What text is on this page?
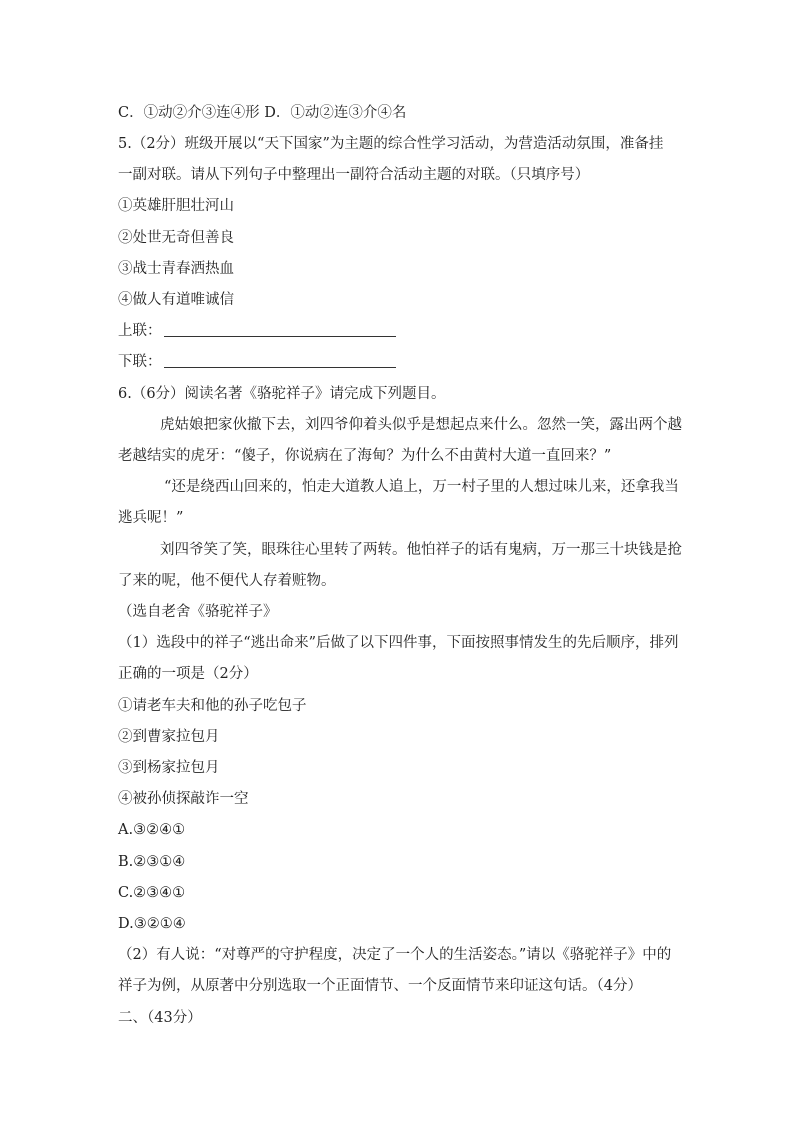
C．①动②介③连④形 D．①动②连③介④名
5.（2分）班级开展以“天下国家”为主题的综合性学习活动，为营造活动氛围，准备挂
一副对联。请从下列句子中整理出一副符合活动主题的对联。（只填序号）
①英雄肝胆壮河山
②处世无奇但善良
③战士青春洒热血
④做人有道唯诚信
上联：
下联：
6.（6分）阅读名著《骆驼祥子》请完成下列题目。
虎姑娘把家伙撤下去，刘四爷仰着头似乎是想起点来什么。忽然一笑，露出两个越
老越结实的虎牙：“傻子，你说病在了海甸？为什么不由黄村大道一直回来？”
“还是绕西山回来的，怕走大道教人追上，万一村子里的人想过味儿来，还拿我当
逃兵呢！”
刘四爷笑了笑，眼珠往心里转了两转。他怕祥子的话有鬼病，万一那三十块钱是抢
了来的呢，他不便代人存着赃物。
（选自老舍《骆驼祥子》
（1）选段中的祥子“逃出命来”后做了以下四件事，下面按照事情发生的先后顺序，排列
正确的一项是（2分）
①请老车夫和他的孙子吃包子
②到曹家拉包月
③到杨家拉包月
④被孙侦探敲诈一空
A.③②④①
B.②③①④
C.②③④①
D.③②①④
（2）有人说：“对尊严的守护程度，决定了一个人的生活姿态。”请以《骆驼祥子》中的
祥子为例，从原著中分别选取一个正面情节、一个反面情节来印证这句话。（4分）
二、（43分）
